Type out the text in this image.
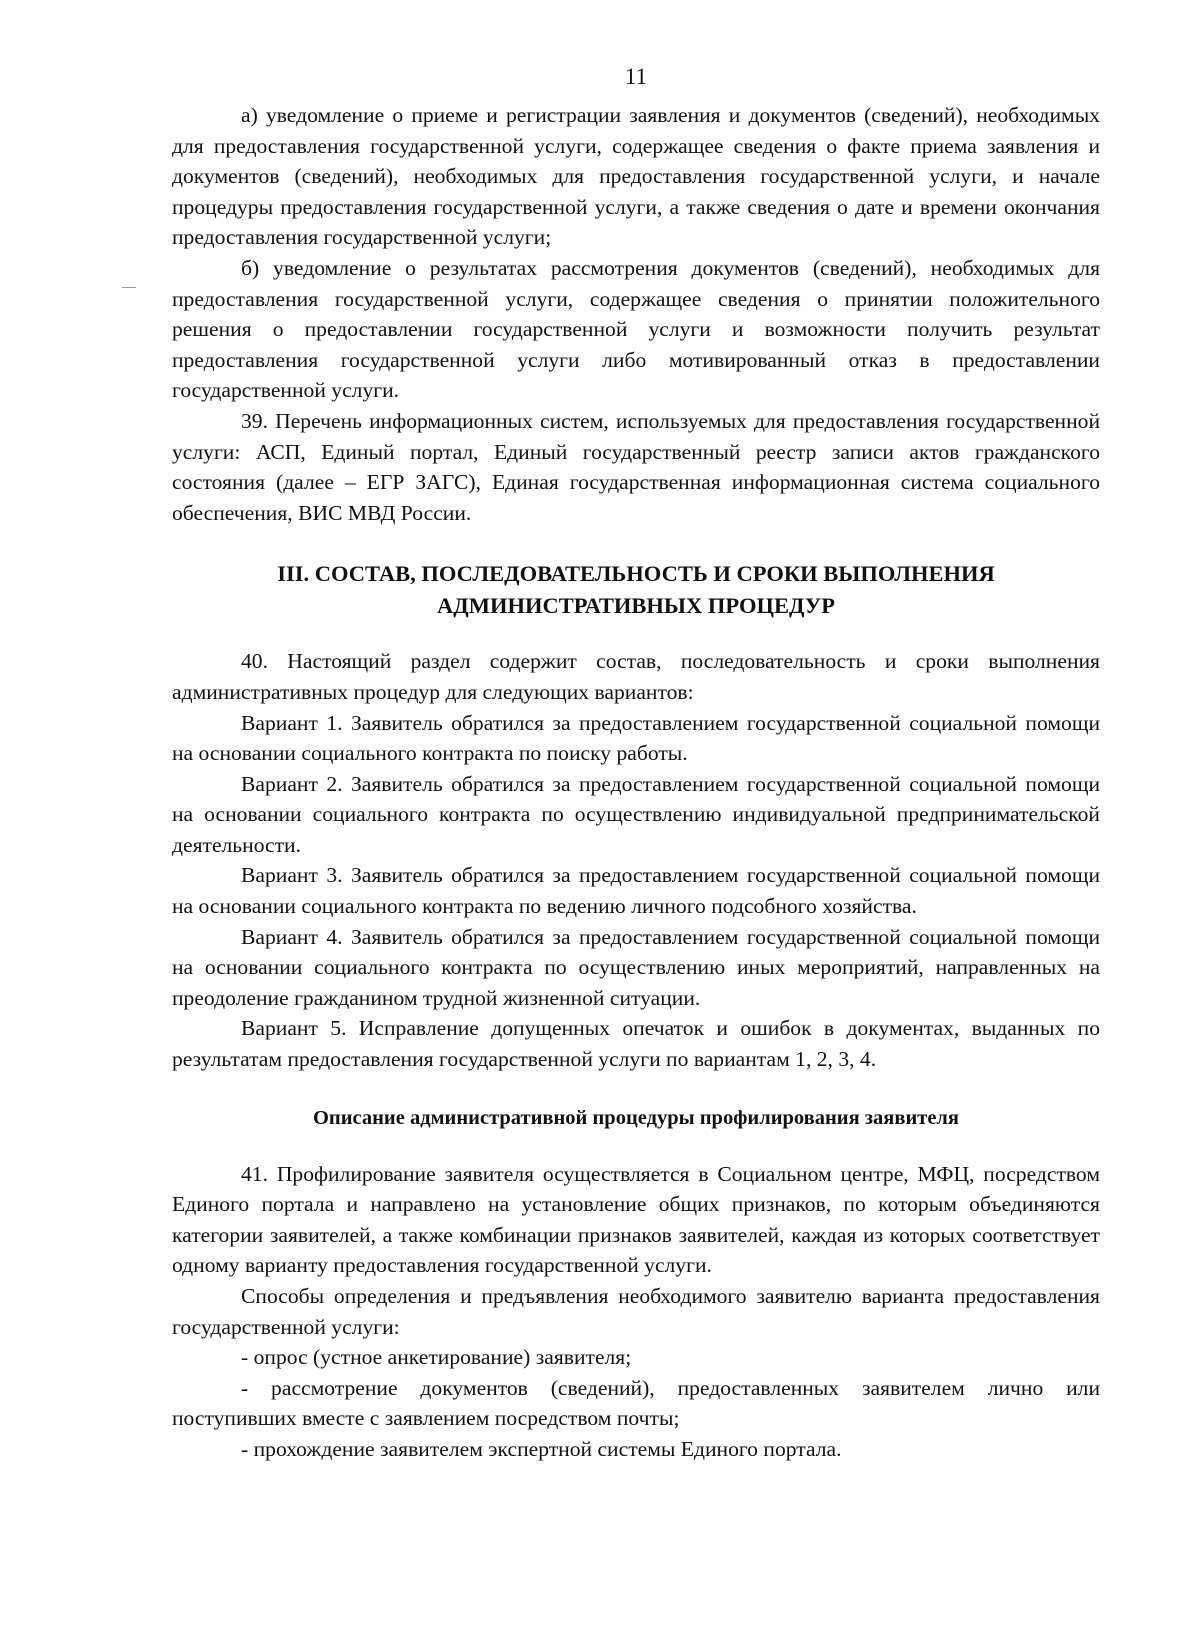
11

а) уведомление о приеме и регистрации заявления и документов (сведений), необходимых для предоставления государственной услуги, содержащее сведения о факте приема заявления и документов (сведений), необходимых для предоставления государственной услуги, и начале процедуры предоставления государственной услуги, а также сведения о дате и времени окончания предоставления государственной услуги;

б) уведомление о результатах рассмотрения документов (сведений), необходимых для предоставления государственной услуги, содержащее сведения о принятии положительного решения о предоставлении государственной услуги и возможности получить результат предоставления государственной услуги либо мотивированный отказ в предоставлении государственной услуги.

39. Перечень информационных систем, используемых для предоставления государственной услуги: АСП, Единый портал, Единый государственный реестр записи актов гражданского состояния (далее – ЕГР ЗАГС), Единая государственная информационная система социального обеспечения, ВИС МВД России.

III. СОСТАВ, ПОСЛЕДОВАТЕЛЬНОСТЬ И СРОКИ ВЫПОЛНЕНИЯ
АДМИНИСТРАТИВНЫХ ПРОЦЕДУР

40. Настоящий раздел содержит состав, последовательность и сроки выполнения административных процедур для следующих вариантов:

Вариант 1. Заявитель обратился за предоставлением государственной социальной помощи на основании социального контракта по поиску работы.

Вариант 2. Заявитель обратился за предоставлением государственной социальной помощи на основании социального контракта по осуществлению индивидуальной предпринимательской деятельности.

Вариант 3. Заявитель обратился за предоставлением государственной социальной помощи на основании социального контракта по ведению личного подсобного хозяйства.

Вариант 4. Заявитель обратился за предоставлением государственной социальной помощи на основании социального контракта по осуществлению иных мероприятий, направленных на преодоление гражданином трудной жизненной ситуации.

Вариант 5. Исправление допущенных опечаток и ошибок в документах, выданных по результатам предоставления государственной услуги по вариантам 1, 2, 3, 4.

Описание административной процедуры профилирования заявителя

41. Профилирование заявителя осуществляется в Социальном центре, МФЦ, посредством Единого портала и направлено на установление общих признаков, по которым объединяются категории заявителей, а также комбинации признаков заявителей, каждая из которых соответствует одному варианту предоставления государственной услуги.

Способы определения и предъявления необходимого заявителю варианта предоставления государственной услуги:

- опрос (устное анкетирование) заявителя;

- рассмотрение документов (сведений), предоставленных заявителем лично или поступивших вместе с заявлением посредством почты;

- прохождение заявителем экспертной системы Единого портала.
